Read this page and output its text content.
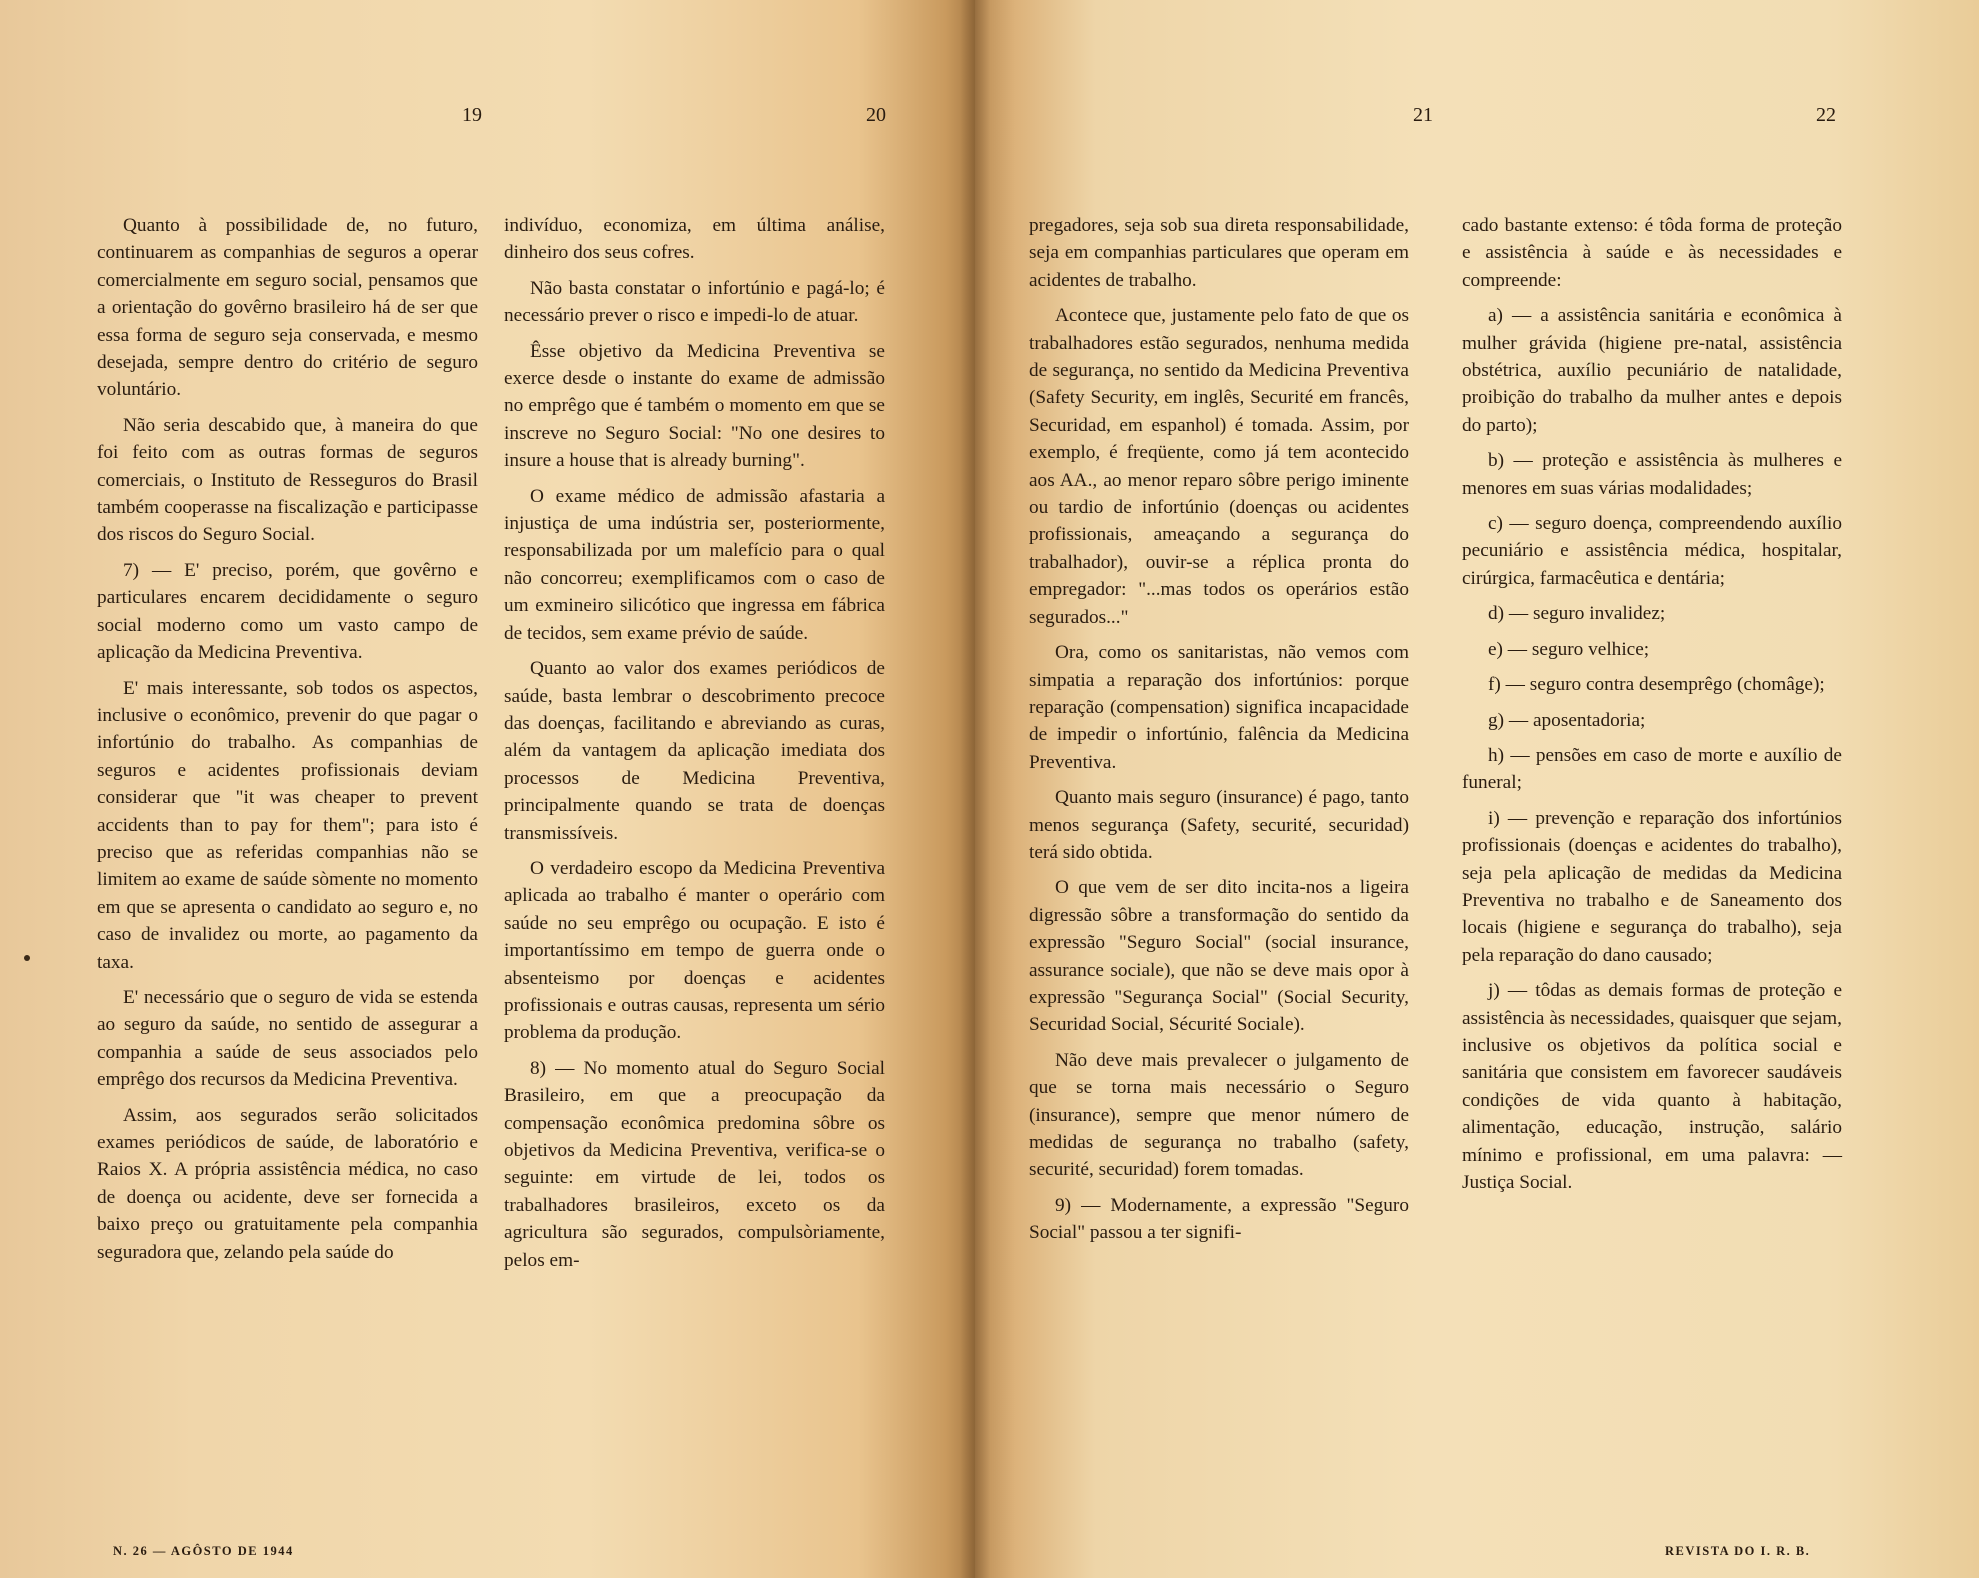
19	20

Quanto à possibilidade de, no futuro, continuarem as companhias de seguros a operar comercialmente em seguro social, pensamos que a orientação do govêrno brasileiro há de ser que essa forma de seguro seja conservada, e mesmo desejada, sempre dentro do critério de seguro voluntário.

Não seria descabido que, à maneira do que foi feito com as outras formas de seguros comerciais, o Instituto de Resseguros do Brasil também cooperasse na fiscalização e participasse dos riscos do Seguro Social.

7) — E' preciso, porém, que govêrno e particulares encarem decididamente o seguro social moderno como um vasto campo de aplicação da Medicina Preventiva.

E' mais interessante, sob todos os aspectos, inclusive o econômico, prevenir do que pagar o infortúnio do trabalho. As companhias de seguros e acidentes profissionais deviam considerar que "it was cheaper to prevent accidents than to pay for them"; para isto é preciso que as referidas companhias não se limitem ao exame de saúde sòmente no momento em que se apresenta o candidato ao seguro e, no caso de invalidez ou morte, ao pagamento da taxa.

E' necessário que o seguro de vida se estenda ao seguro da saúde, no sentido de assegurar a companhia a saúde de seus associados pelo emprêgo dos recursos da Medicina Preventiva.

Assim, aos segurados serão solicitados exames periódicos de saúde, de laboratório e Raios X. A própria assistência médica, no caso de doença ou acidente, deve ser fornecida a baixo preço ou gratuitamente pela companhia seguradora que, zelando pela saúde do

indivíduo, economiza, em última análise, dinheiro dos seus cofres.

Não basta constatar o infortúnio e pagá-lo; é necessário prever o risco e impedi-lo de atuar.

Êsse objetivo da Medicina Preventiva se exerce desde o instante do exame de admissão no emprêgo que é também o momento em que se inscreve no Seguro Social: "No one desires to insure a house that is already burning".

O exame médico de admissão afastaria a injustiça de uma indústria ser, posteriormente, responsabilizada por um malefício para o qual não concorreu; exemplificamos com o caso de um exmineiro silicótico que ingressa em fábrica de tecidos, sem exame prévio de saúde.

Quanto ao valor dos exames periódicos de saúde, basta lembrar o descobrimento precoce das doenças, facilitando e abreviando as curas, além da vantagem da aplicação imediata dos processos de Medicina Preventiva, principalmente quando se trata de doenças transmissíveis.

O verdadeiro escopo da Medicina Preventiva aplicada ao trabalho é manter o operário com saúde no seu emprêgo ou ocupação. E isto é importantíssimo em tempo de guerra onde o absenteismo por doenças e acidentes profissionais e outras causas, representa um sério problema da produção.

8) — No momento atual do Seguro Social Brasileiro, em que a preocupação da compensação econômica predomina sôbre os objetivos da Medicina Preventiva, verifica-se o seguinte: em virtude de lei, todos os trabalhadores brasileiros, exceto os da agricultura são segurados, compulsòriamente, pelos em-

N. 26 — AGÔSTO DE 1944
21	22

pregadores, seja sob sua direta responsabilidade, seja em companhias particulares que operam em acidentes de trabalho.

Acontece que, justamente pelo fato de que os trabalhadores estão segurados, nenhuma medida de segurança, no sentido da Medicina Preventiva (Safety Security, em inglês, Securité em francês, Securidad, em espanhol) é tomada. Assim, por exemplo, é freqüente, como já tem acontecido aos AA., ao menor reparo sôbre perigo iminente ou tardio de infortúnio (doenças ou acidentes profissionais, ameaçando a segurança do trabalhador), ouvir-se a réplica pronta do empregador: "...mas todos os operários estão segurados..."

Ora, como os sanitaristas, não vemos com simpatia a reparação dos infortúnios: porque reparação (compensation) significa incapacidade de impedir o infortúnio, falência da Medicina Preventiva.

Quanto mais seguro (insurance) é pago, tanto menos segurança (Safety, securité, securidad) terá sido obtida.

O que vem de ser dito incita-nos a ligeira digressão sôbre a transformação do sentido da expressão "Seguro Social" (social insurance, assurance sociale), que não se deve mais opor à expressão "Segurança Social" (Social Security, Securidad Social, Sécurité Sociale).

Não deve mais prevalecer o julgamento de que se torna mais necessário o Seguro (insurance), sempre que menor número de medidas de segurança no trabalho (safety, securité, securidad) forem tomadas.

9) — Modernamente, a expressão "Seguro Social" passou a ter signifi-

cado bastante extenso: é tôda forma de proteção e assistência à saúde e às necessidades e compreende:

a) — a assistência sanitária e econômica à mulher grávida (higiene pre-natal, assistência obstétrica, auxílio pecuniário de natalidade, proibição do trabalho da mulher antes e depois do parto);

b) — proteção e assistência às mulheres e menores em suas várias modalidades;

c) — seguro doença, compreendendo auxílio pecuniário e assistência médica, hospitalar, cirúrgica, farmacêutica e dentária;

d) — seguro invalidez;

e) — seguro velhice;

f) — seguro contra desemprêgo (chomâge);

g) — aposentadoria;

h) — pensões em caso de morte e auxílio de funeral;

i) — prevenção e reparação dos infortúnios profissionais (doenças e acidentes do trabalho), seja pela aplicação de medidas da Medicina Preventiva no trabalho e de Saneamento dos locais (higiene e segurança do trabalho), seja pela reparação do dano causado;

j) — tôdas as demais formas de proteção e assistência às necessidades, quaisquer que sejam, inclusive os objetivos da política social e sanitária que consistem em favorecer saudáveis condições de vida quanto à habitação, alimentação, educação, instrução, salário mínimo e profissional, em uma palavra: — Justiça Social.

REVISTA DO I. R. B.
